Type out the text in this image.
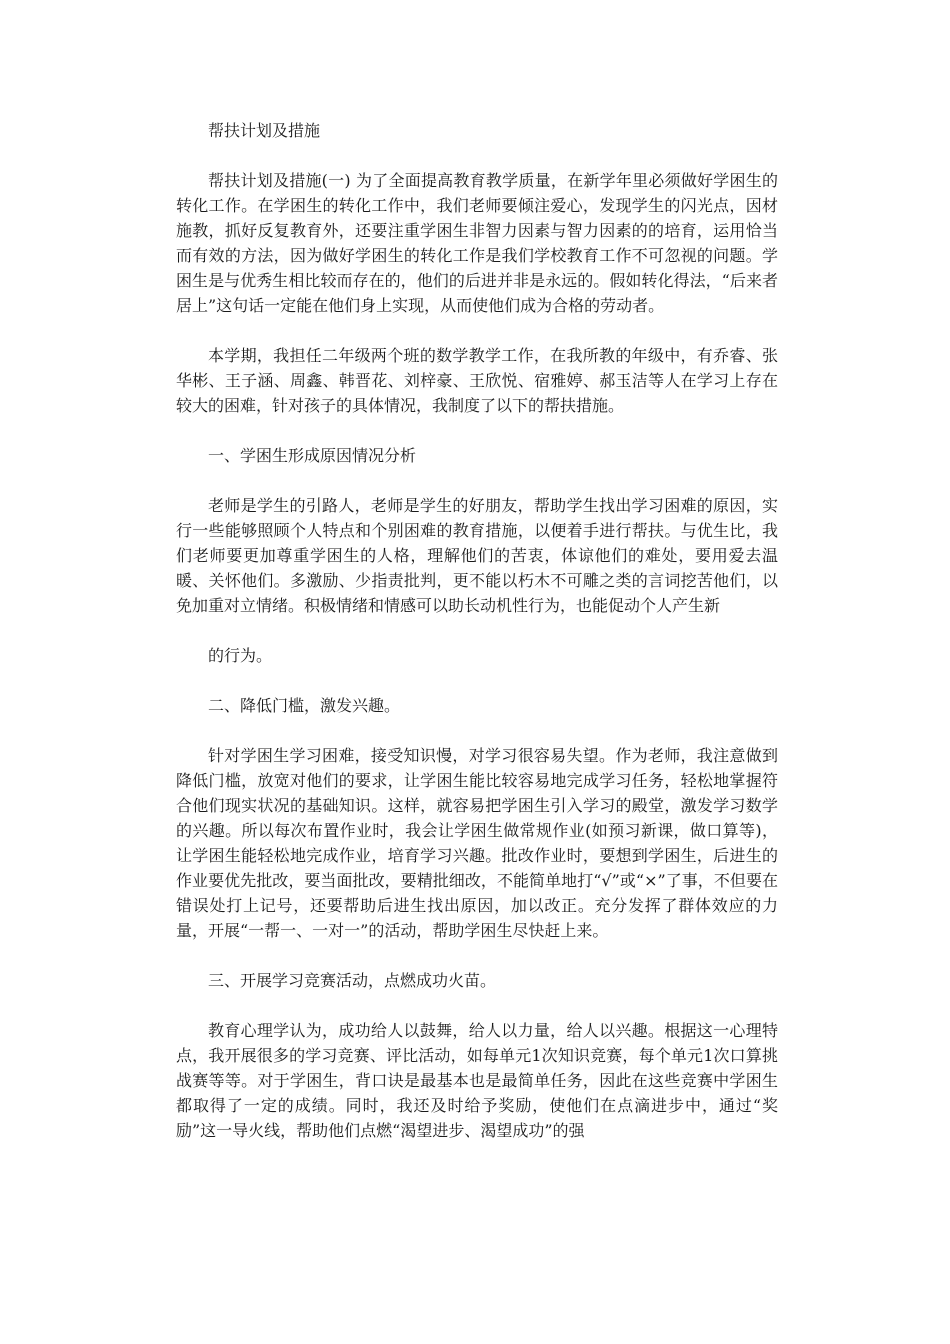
帮扶计划及措施

帮扶计划及措施(一) 为了全面提高教育教学质量，在新学年里必须做好学困生的转化工作。在学困生的转化工作中，我们老师要倾注爱心，发现学生的闪光点，因材施教，抓好反复教育外，还要注重学困生非智力因素与智力因素的的培育，运用恰当而有效的方法，因为做好学困生的转化工作是我们学校教育工作不可忽视的问题。学困生是与优秀生相比较而存在的，他们的后进并非是永远的。假如转化得法，“后来者居上”这句话一定能在他们身上实现，从而使他们成为合格的劳动者。

本学期，我担任二年级两个班的数学教学工作，在我所教的年级中，有乔睿、张华彬、王子涵、周鑫、韩晋花、刘梓豪、王欣悦、宿雅婷、郝玉洁等人在学习上存在较大的困难，针对孩子的具体情况，我制度了以下的帮扶措施。

一、学困生形成原因情况分析

老师是学生的引路人，老师是学生的好朋友，帮助学生找出学习困难的原因，实行一些能够照顾个人特点和个别困难的教育措施，以便着手进行帮扶。与优生比，我们老师要更加尊重学困生的人格，理解他们的苦衷，体谅他们的难处，要用爱去温暖、关怀他们。多激励、少指责批判，更不能以朽木不可雕之类的言词挖苦他们，以免加重对立情绪。积极情绪和情感可以助长动机性行为，也能促动个人产生新

的行为。

二、降低门槛，激发兴趣。

针对学困生学习困难，接受知识慢，对学习很容易失望。作为老师，我注意做到降低门槛，放宽对他们的要求，让学困生能比较容易地完成学习任务，轻松地掌握符合他们现实状况的基础知识。这样，就容易把学困生引入学习的殿堂，激发学习数学的兴趣。所以每次布置作业时，我会让学困生做常规作业(如预习新课，做口算等)，让学困生能轻松地完成作业，培育学习兴趣。批改作业时，要想到学困生，后进生的作业要优先批改，要当面批改，要精批细改，不能简单地打“√”或“×”了事，不但要在错误处打上记号，还要帮助后进生找出原因，加以改正。充分发挥了群体效应的力量，开展“一帮一、一对一”的活动，帮助学困生尽快赶上来。

三、开展学习竞赛活动，点燃成功火苗。

教育心理学认为，成功给人以鼓舞，给人以力量，给人以兴趣。根据这一心理特点，我开展很多的学习竞赛、评比活动，如每单元1次知识竞赛，每个单元1次口算挑战赛等等。对于学困生，背口诀是最基本也是最简单任务，因此在这些竞赛中学困生都取得了一定的成绩。同时，我还及时给予奖励，使他们在点滴进步中，通过“奖励”这一导火线，帮助他们点燃“渴望进步、渴望成功”的强
